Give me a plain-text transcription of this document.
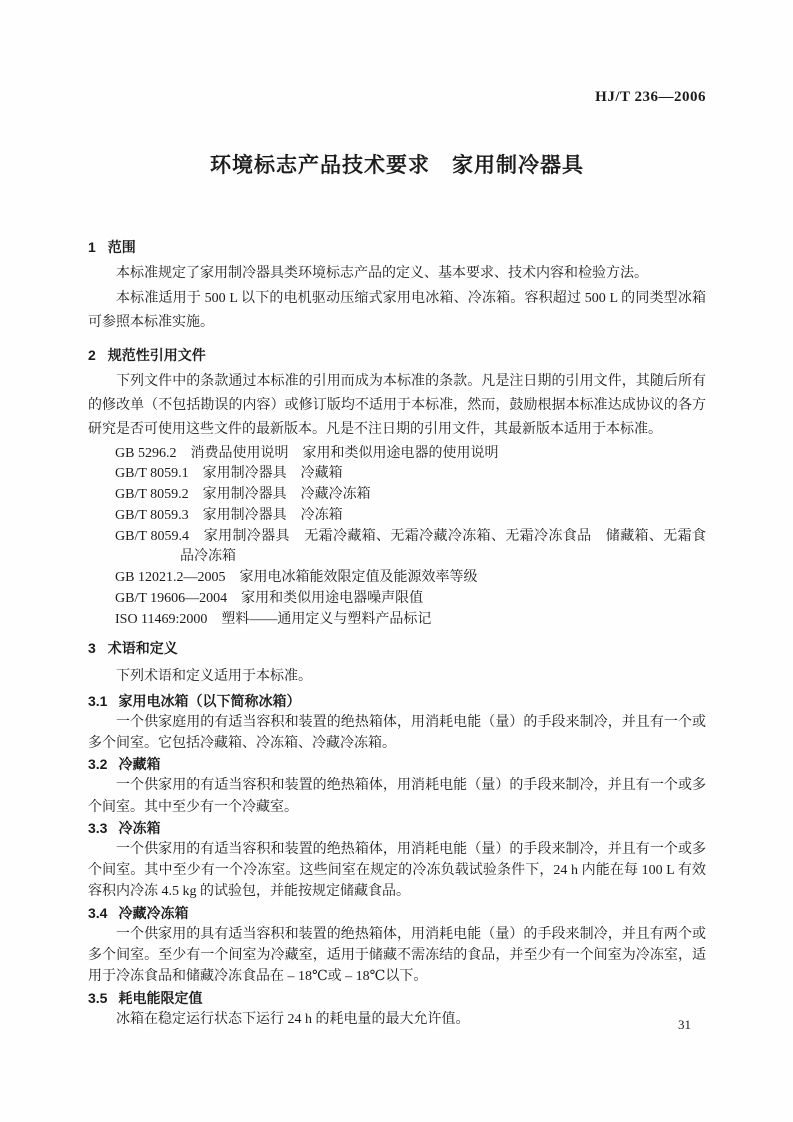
HJ/T 236—2006
环境标志产品技术要求　家用制冷器具
1 范围

本标准规定了家用制冷器具类环境标志产品的定义、基本要求、技术内容和检验方法。

本标准适用于 500 L 以下的电机驱动压缩式家用电冰箱、冷冻箱。容积超过 500 L 的同类型冰箱可参照本标准实施。

2 规范性引用文件

下列文件中的条款通过本标准的引用而成为本标准的条款。凡是注日期的引用文件，其随后所有的修改单（不包括勘误的内容）或修订版均不适用于本标准，然而，鼓励根据本标准达成协议的各方研究是否可使用这些文件的最新版本。凡是不注日期的引用文件，其最新版本适用于本标准。

GB 5296.2　消费品使用说明　家用和类似用途电器的使用说明
GB/T 8059.1　家用制冷器具　冷藏箱
GB/T 8059.2　家用制冷器具　冷藏冷冻箱
GB/T 8059.3　家用制冷器具　冷冻箱
GB/T 8059.4　家用制冷器具　无霜冷藏箱、无霜冷藏冷冻箱、无霜冷冻食品　储藏箱、无霜食品冷冻箱
GB 12021.2—2005　家用电冰箱能效限定值及能源效率等级
GB/T 19606—2004　家用和类似用途电器噪声限值
ISO 11469:2000　塑料——通用定义与塑料产品标记
3 术语和定义

下列术语和定义适用于本标准。

3.1 家用电冰箱（以下简称冰箱）

一个供家庭用的有适当容积和装置的绝热箱体，用消耗电能（量）的手段来制冷，并且有一个或多个间室。它包括冷藏箱、冷冻箱、冷藏冷冻箱。

3.2 冷藏箱

一个供家用的有适当容积和装置的绝热箱体，用消耗电能（量）的手段来制冷，并且有一个或多个间室。其中至少有一个冷藏室。

3.3 冷冻箱

一个供家用的有适当容积和装置的绝热箱体，用消耗电能（量）的手段来制冷，并且有一个或多个间室。其中至少有一个冷冻室。这些间室在规定的冷冻负载试验条件下，24 h 内能在每 100 L 有效容积内冷冻 4.5 kg 的试验包，并能按规定储藏食品。

3.4 冷藏冷冻箱

一个供家用的具有适当容积和装置的绝热箱体，用消耗电能（量）的手段来制冷，并且有两个或多个间室。至少有一个间室为冷藏室，适用于储藏不需冻结的食品，并至少有一个间室为冷冻室，适用于冷冻食品和储藏冷冻食品在 – 18℃或 – 18℃以下。

3.5 耗电能限定值

冰箱在稳定运行状态下运行 24 h 的耗电量的最大允许值。	31
